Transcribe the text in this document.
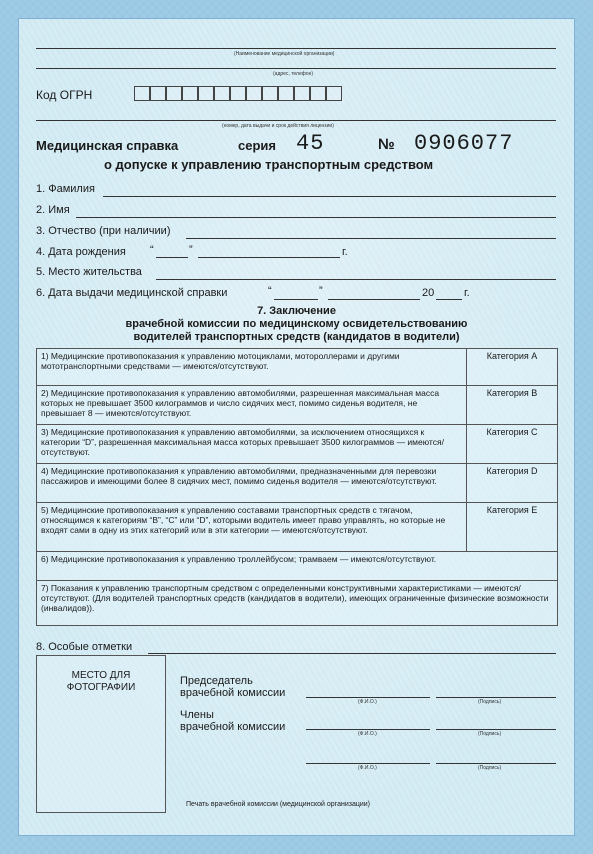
(Наименование медицинской организации)
(адрес, телефон)
Код ОГРН
(номер, дата выдачи и срок действия лицензии)
Медицинская справка	серия 45	№ 0906077
о допуске к управлению транспортным средством
1. Фамилия
2. Имя
3. Отчество (при наличии)
4. Дата рождения “	”	г.
5. Место жительства
6. Дата выдачи медицинской справки	“	”	20	г.
7. Заключение
врачебной комиссии по медицинскому освидетельствованию
водителей транспортных средств (кандидатов в водители)
1) Медицинские противопоказания к управлению мотоциклами, мотороллерами и другими мототранспортными средствами — имеются/отсутствуют.	Категория A
2) Медицинские противопоказания к управлению автомобилями, разрешенная максимальная масса которых не превышает 3500 килограммов и число сидячих мест, помимо сиденья водителя, не превышает 8 — имеются/отсутствуют.	Категория B
3) Медицинские противопоказания к управлению автомобилями, за исключением относящихся к категории “D”, разрешенная максимальная масса которых превышает 3500 килограммов — имеются/отсутствуют.	Категория C
4) Медицинские противопоказания к управлению автомобилями, предназначенными для перевозки пассажиров и имеющими более 8 сидячих мест, помимо сиденья водителя — имеются/отсутствуют.	Категория D
5) Медицинские противопоказания к управлению составами транспортных средств с тягачом, относящимся к категориям “B”, “C” или “D”, которыми водитель имеет право управлять, но которые не входят сами в одну из этих категорий или в эти категории — имеются/отсутствуют.	Категория E
6) Медицинские противопоказания к управлению троллейбусом; трамваем — имеются/отсутствуют.	
7) Показания к управлению транспортным средством с определенными конструктивными характеристиками — имеются/отсутствуют. (Для водителей транспортных средств (кандидатов в водители), имеющих ограниченные физические возможности (инвалидов)).	
8. Особые отметки
МЕСТО ДЛЯ ФОТОГРАФИИ
Председатель
врачебной комиссии
(Ф.И.О.)	(Подпись)
Члены
врачебной комиссии
(Ф.И.О.)	(Подпись)
(Ф.И.О.)	(Подпись)
Печать врачебной комиссии (медицинской организации)
